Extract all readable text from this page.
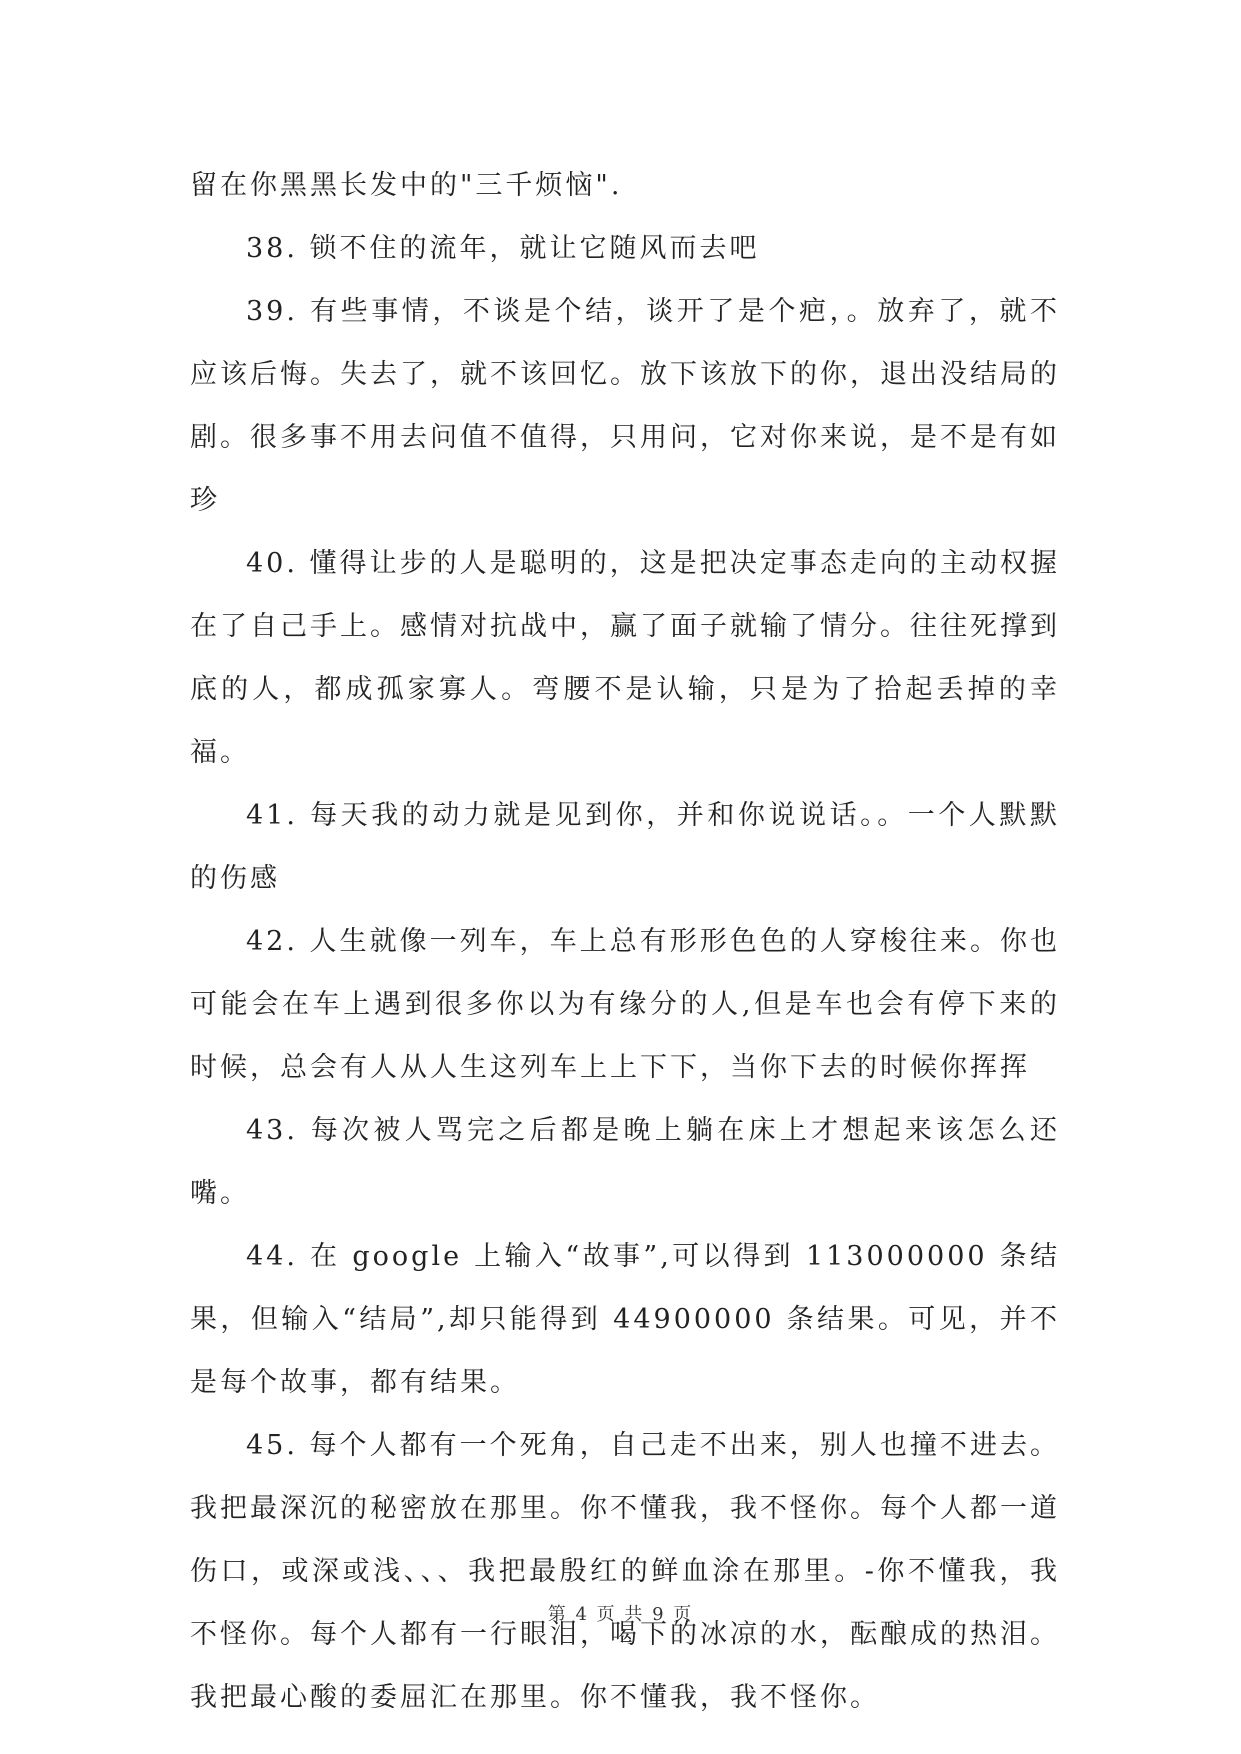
留在你黑黑长发中的"三千烦恼".

38. 锁不住的流年，就让它随风而去吧

39. 有些事情，不谈是个结，谈开了是个疤，。放弃了，就不应该后悔。失去了，就不该回忆。放下该放下的你，退出没结局的剧。很多事不用去问值不值得，只用问，它对你来说，是不是有如珍

40. 懂得让步的人是聪明的，这是把决定事态走向的主动权握在了自己手上。感情对抗战中，赢了面子就输了情分。往往死撑到底的人，都成孤家寡人。弯腰不是认输，只是为了拾起丢掉的幸福。

41. 每天我的动力就是见到你，并和你说说话。。一个人默默的伤感

42. 人生就像一列车，车上总有形形色色的人穿梭往来。你也可能会在车上遇到很多你以为有缘分的人,但是车也会有停下来的时候，总会有人从人生这列车上上下下，当你下去的时候你挥挥

43. 每次被人骂完之后都是晚上躺在床上才想起来该怎么还嘴。

44. 在 google 上输入“故事”,可以得到 113000000 条结果，但输入“结局”,却只能得到 44900000 条结果。可见，并不是每个故事，都有结果。

45. 每个人都有一个死角，自己走不出来，别人也撞不进去。我把最深沉的秘密放在那里。你不懂我，我不怪你。每个人都一道伤口，或深或浅、、、我把最殷红的鲜血涂在那里。-你不懂我，我不怪你。每个人都有一行眼泪，喝下的冰凉的水，酝酿成的热泪。我把最心酸的委屈汇在那里。你不懂我，我不怪你。

第 4 页 共 9 页
